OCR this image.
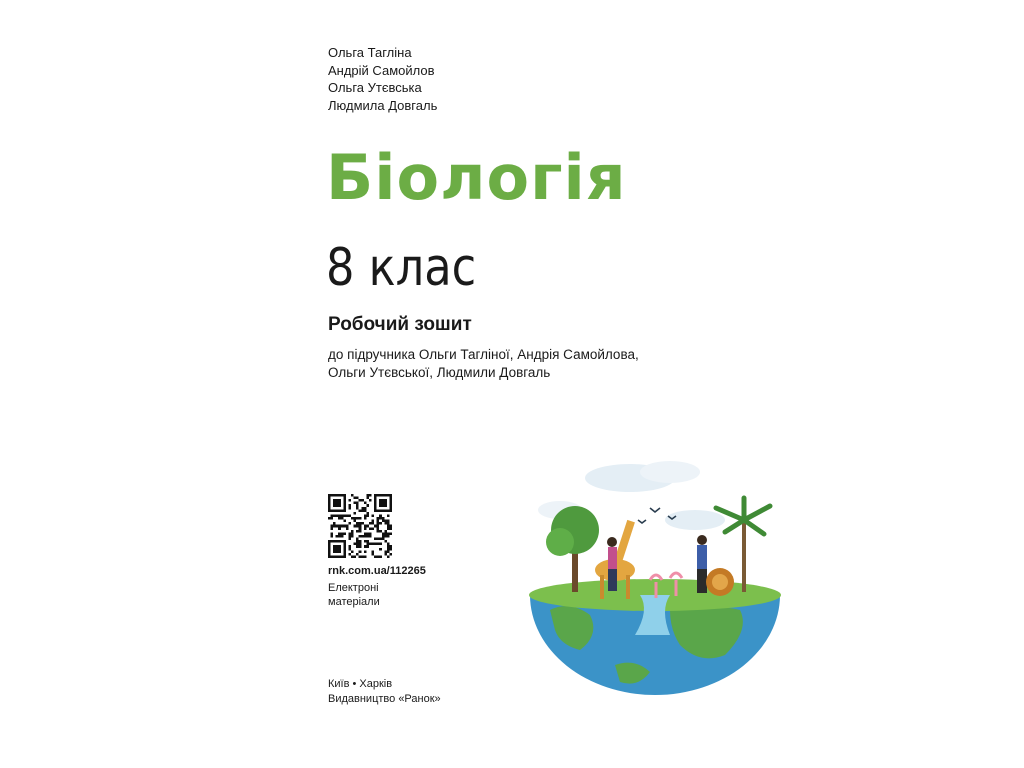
Ольга Тагліна
Андрій Самойлов
Ольга Утєвська
Людмила Довгаль
Біологія
8 клас
Робочий зошит
до підручника Ольги Тагліної, Андрія Самойлова,
Ольги Утєвської, Людмили Довгаль
rnk.com.ua/112265
Електроні
матеріали
Київ • Харків
Видавництво «Ранок»
